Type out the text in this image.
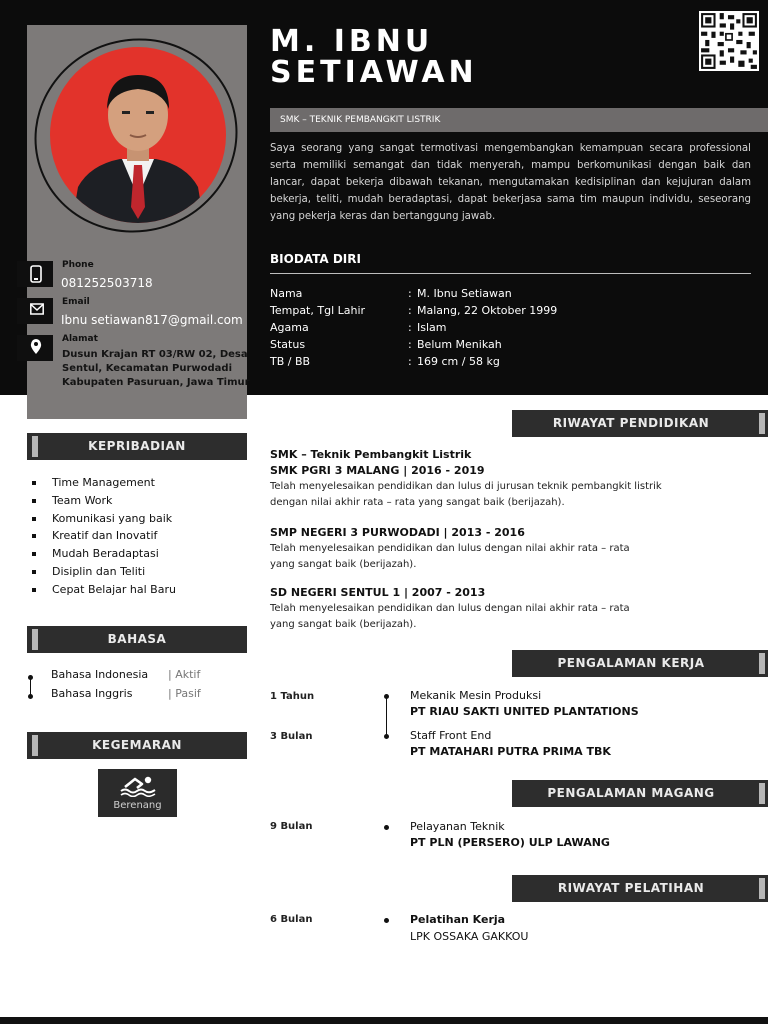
Phone
081252503718
Email
Ibnu setiawan817@gmail.com
Alamat
Dusun Krajan RT 03/RW 02, Desa Sentul, Kecamatan Purwodadi Kabupaten Pasuruan, Jawa Timur
M. IBNU
SETIAWAN
SMK – TEKNIK PEMBANGKIT LISTRIK
Saya seorang yang sangat termotivasi mengembangkan kemampuan secara professional serta memiliki semangat dan tidak menyerah, mampu berkomunikasi dengan baik dan lancar, dapat bekerja dibawah tekanan, mengutamakan kedisiplinan dan kejujuran dalam bekerja, teliti, mudah beradaptasi, dapat bekerjasa sama tim maupun individu, seseorang yang pekerja keras dan bertanggung jawab.
BIODATA DIRI
Nama	: M. Ibnu Setiawan
Tempat, Tgl Lahir	: Malang, 22 Oktober 1999
Agama	: Islam
Status	: Belum Menikah
TB / BB	: 169 cm / 58 kg
KEPRIBADIAN
Time Management
Team Work
Komunikasi yang baik
Kreatif dan Inovatif
Mudah Beradaptasi
Disiplin dan Teliti
Cepat Belajar hal Baru
BAHASA
Bahasa Indonesia | Aktif
Bahasa Inggris	| Pasif
KEGEMARAN
Berenang
RIWAYAT PENDIDIKAN
SMK – Teknik Pembangkit Listrik
SMK PGRI 3 MALANG | 2016 - 2019
Telah menyelesaikan pendidikan dan lulus di jurusan teknik pembangkit listrik
dengan nilai akhir rata – rata yang sangat baik (berijazah).
SMP NEGERI 3 PURWODADI | 2013 - 2016
Telah menyelesaikan pendidikan dan lulus dengan nilai akhir rata – rata
yang sangat baik (berijazah).
SD NEGERI SENTUL 1 | 2007 - 2013
Telah menyelesaikan pendidikan dan lulus dengan nilai akhir rata – rata
yang sangat baik (berijazah).
PENGALAMAN KERJA
1 Tahun	Mekanik Mesin Produksi
PT RIAU SAKTI UNITED PLANTATIONS
3 Bulan	Staff Front End
PT MATAHARI PUTRA PRIMA TBK
PENGALAMAN MAGANG
9 Bulan	Pelayanan Teknik
PT PLN (PERSERO) ULP LAWANG
RIWAYAT PELATIHAN
6 Bulan	Pelatihan Kerja
LPK OSSAKA GAKKOU
